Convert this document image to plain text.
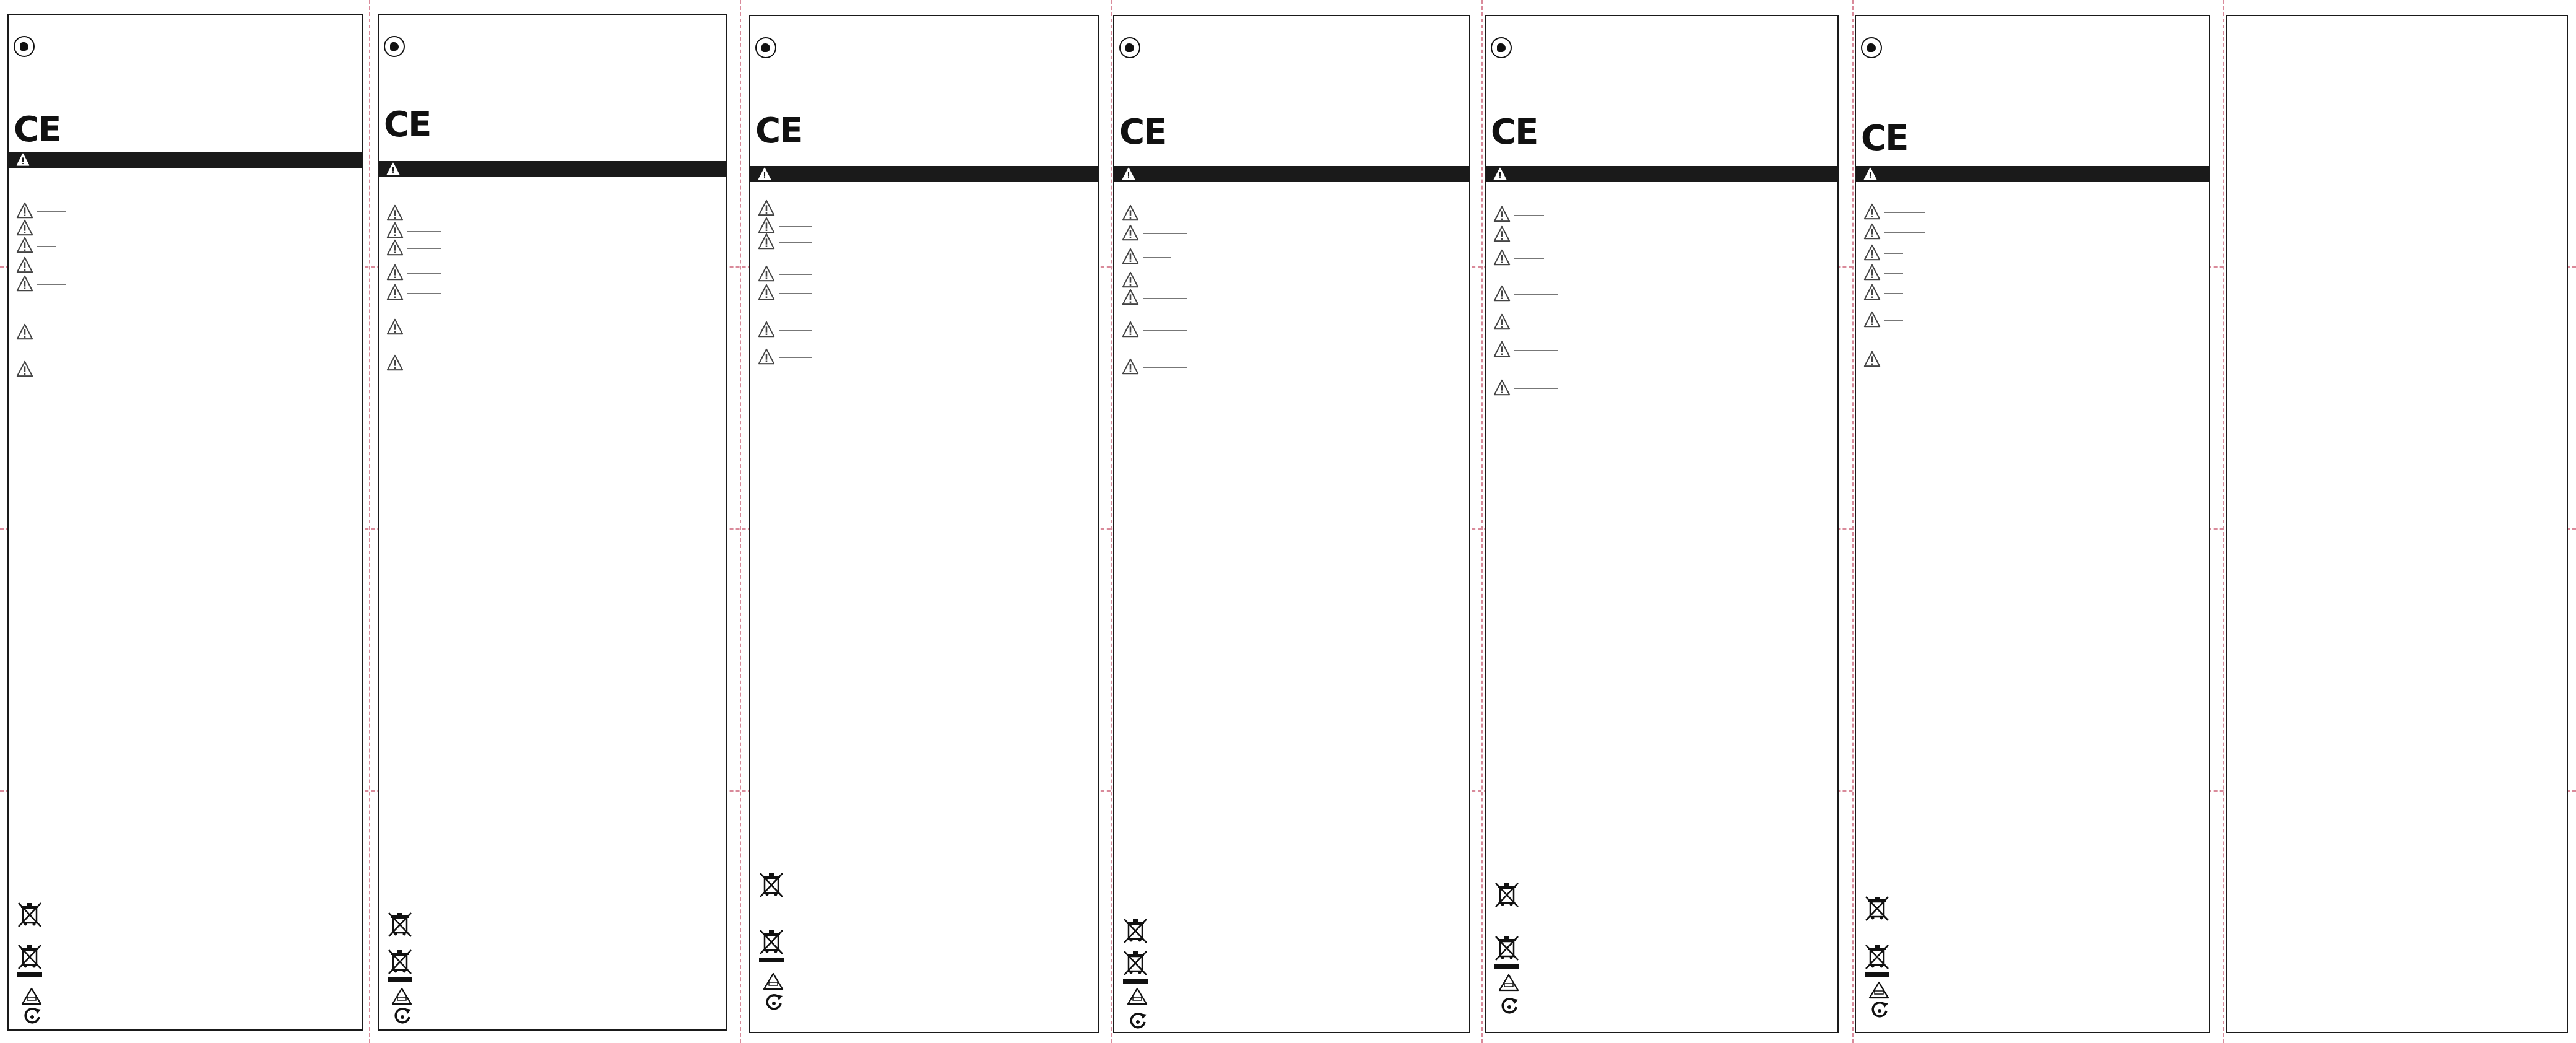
CE	CE	CE	CE	CE	CE
